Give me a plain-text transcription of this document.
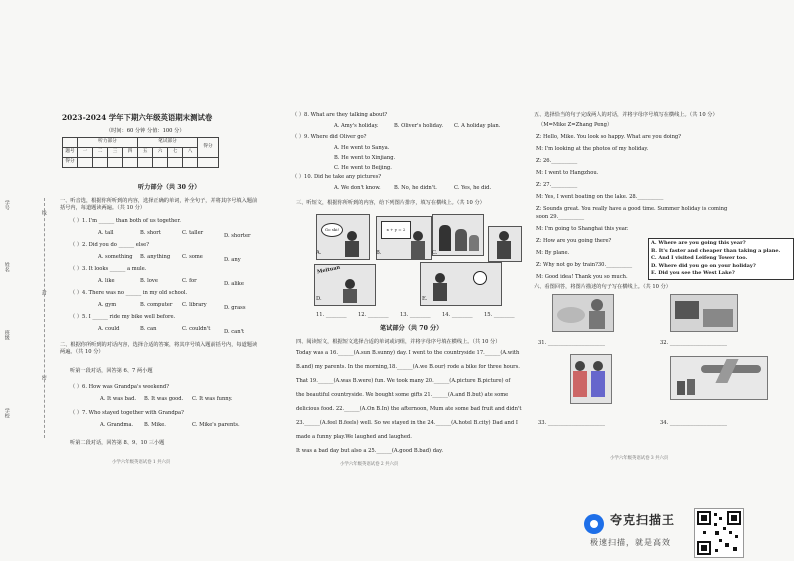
2023-2024 学年下期六年级英语期末测试卷
（时间：60 分钟 分值：100 分）
	听力部分				笔试部分				得分
题号	一	二	三	四	五	六	七	八	
得分									
学号
姓名
班级
学校
线
封
密
听力部分（共 30 分）
一、听音选，根据你所听到的内容，选择正确的单词，补全句子，并将其序号填入题前括号内，每道题读两遍。（共 10 分）
（ ）1. I'm ______ than both of us together.
A. tall	B. short	C. taller	D. shorter
（ ）2. Did you do ______ else?
A. something B. anything C. some	D. any
（ ）3. It looks ______ a mule.
A. like	B. love	C. for	D. alike
（ ）4. There was no ______ in my old school.
A. gym	B. computer C. library	D. grass
（ ）5. I ______ ride my bike well before.
A. could	B. can	C. couldn't	D. can't
二、根据你所听到的对话内容，选择合适的答案，将其序号填入题前括号内，每道题读两遍。（共 10 分）
听第一段对话，回答第 6、7 两小题
（ ）6. How was Grandpa's weekend?
A. It was bad. B. It was good. C. It was funny.
（ ）7. Who stayed together with Grandpa?
A. Grandma. B. Mike.	C. Mike's parents.
听第二段对话，回答第 8、9、10 三小题
小学六年级英语试卷 1 共六页
（ ）8. What are they talking about?
A. Amy's holiday.	B. Oliver's holiday. C. A holiday plan.
（ ）9. Where did Oliver go?
A. He went to Sanya.
B. He went to Xinjiang.
C. He went to Beijing.
（ ）10. Did he take any pictures?
A. We don't know.	B. No, he didn't.	C. Yes, he did.
三、听短文，根据你所听到的内容，给下列图片排序，填写在横线上。（共 10 分）
Go ski!	x + y = 2
Meituan
A.	B.	C.
D.	E.
11. ________ 12. ________ 13. ________ 14. ________ 15. ________
笔试部分（共 70 分）
四、阅读短文，根据短文选择合适的单词或词组，并将字母序号填在横线上。（共 10 分）
Today was a 16.______(A.sun B.sunny) day. I went to the countryside 17.______(A.with
B.and) my parents. In the morning,18.______(A.we B.our) rode a bike for three hours.
That 19.______(A.was B.were) fun. We took many 20.______(A.picture B.picture) of
the beautiful countryside. We bought some gifts 21.______(A.and B.but) ate some
delicious food. 22.______(A.On B.In) the afternoon, Mum ate some bad fruit and didn't
23.______(A.feel B.feels) well. So we stayed in the 24.______(A.hotel B.city) Dad and I
made a funny play.We laughed and laughed.
It was a bad day but also a 25.______(A.good B.bad) day.
小学六年级英语试卷 2 共六页
五、选择恰当的句子完成两人的对话，并将字母序号填写在横线上。（共 10 分）
（M=Mike Z=Zhang Peng）
Z: Hello, Mike. You look so happy. What are you doing?
M: I'm looking at the photos of my holiday.
Z: 26.__________
M: I went to Hangzhou.
Z: 27.__________
M: Yes, I went boating on the lake. 28.__________
Z: Sounds great. You really have a good time. Summer holiday is coming
soon 29.__________
M: I'm going to Shanghai this year.
Z: How are you going there?
M: By plane.
Z: Why not go by train?30.__________
M: Good idea! Thank you so much.
A. Where are you going this year?
B. It's faster and cheaper than taking a plane.
C. And I visited Leifeng Tower too.
D. Where did you go on your holiday?
E. Did you see the West Lake?
六、看图回答，将图片描述的句子写在横线上。（共 10 分）
31. ______________________	32. ______________________
33. ______________________	34. ______________________
小学六年级英语试卷 3 共六页
夸克扫描王
极速扫描，就是高效
